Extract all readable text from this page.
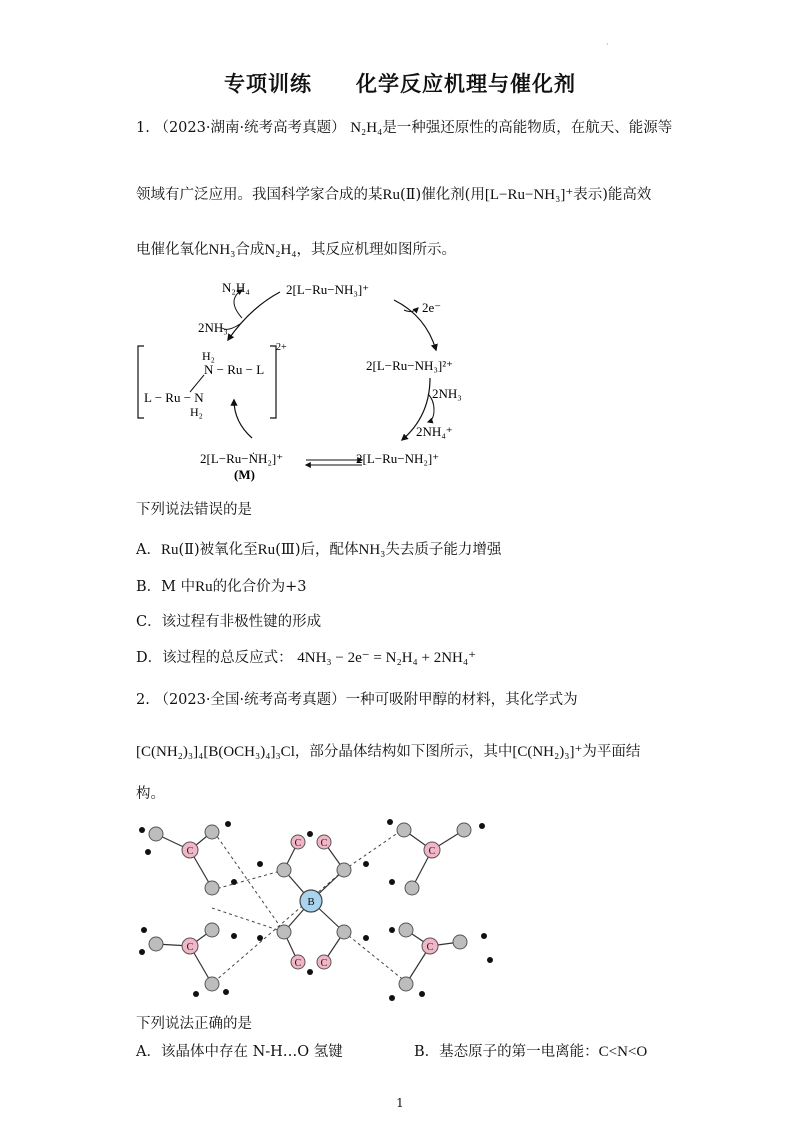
·
专项训练 化学反应机理与催化剂
1. （2023·湖南·统考高考真题） N₂H₄是一种强还原性的高能物质，在航天、能源等
领域有广泛应用。我国科学家合成的某Ru(Ⅱ)催化剂(用[L−Ru−NH₃]⁺表示)能高效
电催化氧化NH₃合成N₂H₄，其反应机理如图所示。
2[L−Ru−NH₃]⁺
2e⁻
2[L−Ru−NH₃]²⁺
2NH₃
2NH₄⁺
2[L−Ru−NH₂]⁺
2[L−Ru−ṄH₂]⁺
(M)
N₂H₄
2NH₃
H₂
N − Ru − L
L − Ru − N
H₂
2+
下列说法错误的是
A．Ru(Ⅱ)被氧化至Ru(Ⅲ)后，配体NH₃失去质子能力增强
B．M 中Ru的化合价为+3
C．该过程有非极性键的形成
D．该过程的总反应式： 4NH₃ − 2e⁻ = N₂H₄ + 2NH₄⁺
2. （2023·全国·统考高考真题）一种可吸附甲醇的材料，其化学式为
[C(NH₂)₃]₄[B(OCH₃)₄]₃Cl，部分晶体结构如下图所示，其中[C(NH₂)₃]⁺为平面结
构。
C
C
C C
C C
C
C
B
下列说法正确的是
A．该晶体中存在 N-H…O 氢键	B．基态原子的第一电离能：C<N<O
1
